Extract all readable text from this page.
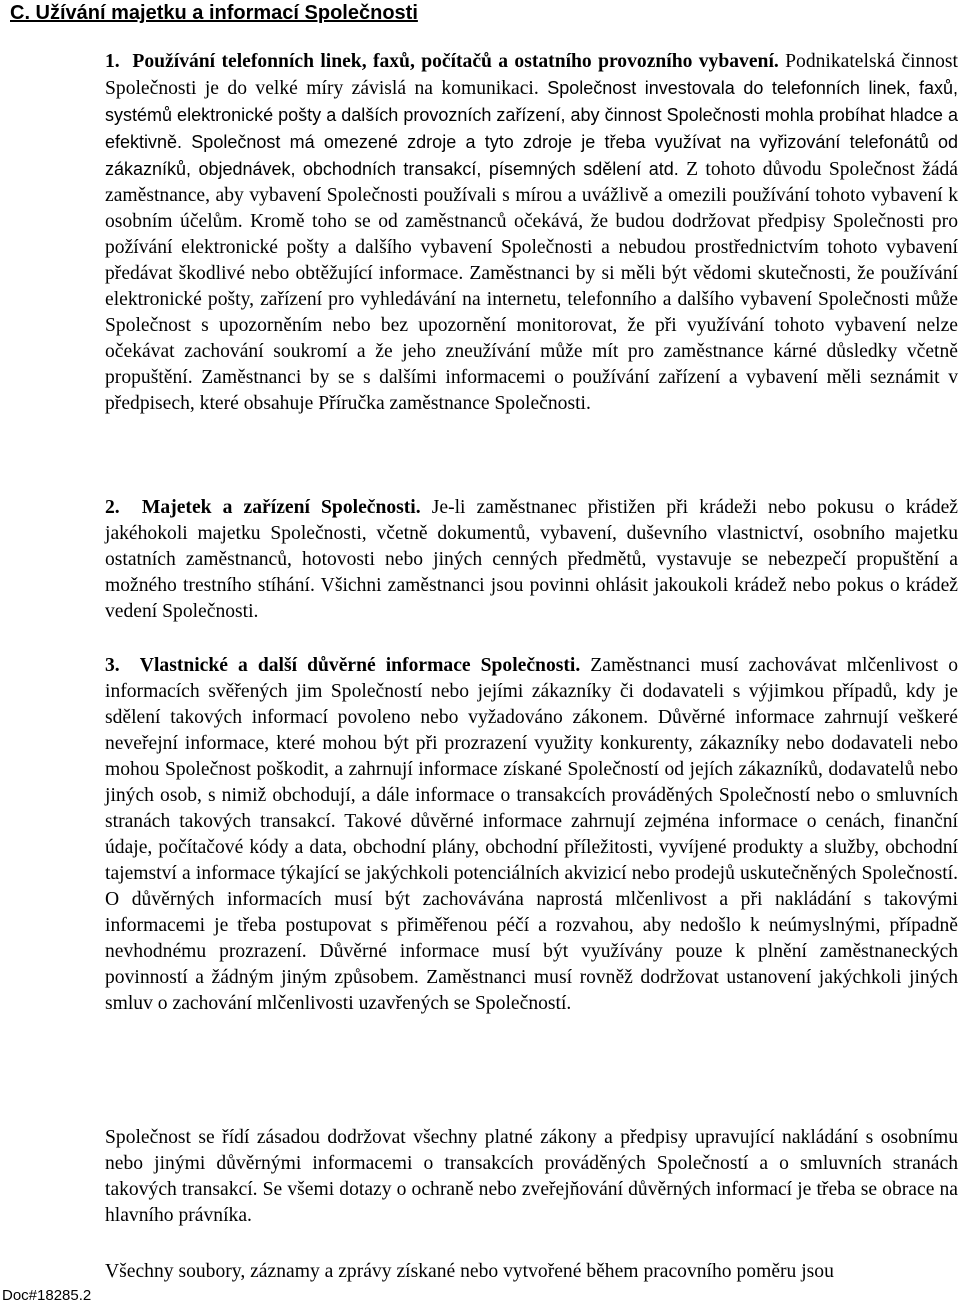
C. Užívání majetku a informací Společnosti

1. Používání telefonních linek, faxů, počítačů a ostatního provozního vybavení. Podnikatelská činnost Společnosti je do velké míry závislá na komunikaci. Společnost investovala do telefonních linek, faxů, systémů elektronické pošty a dalších provozních zařízení, aby činnost Společnosti mohla probíhat hladce a efektivně. Společnost má omezené zdroje a tyto zdroje je třeba využívat na vyřizování telefonátů od zákazníků, objednávek, obchodních transakcí, písemných sdělení atd. Z tohoto důvodu Společnost žádá zaměstnance, aby vybavení Společnosti používali s mírou a uvážlivě a omezili používání tohoto vybavení k osobním účelům. Kromě toho se od zaměstnanců očekává, že budou dodržovat předpisy Společnosti pro požívání elektronické pošty a dalšího vybavení Společnosti a nebudou prostřednictvím tohoto vybavení předávat škodlivé nebo obtěžující informace. Zaměstnanci by si měli být vědomi skutečnosti, že používání elektronické pošty, zařízení pro vyhledávání na internetu, telefonního a dalšího vybavení Společnosti může Společnost s upozorněním nebo bez upozornění monitorovat, že při využívání tohoto vybavení nelze očekávat zachování soukromí a že jeho zneužívání může mít pro zaměstnance kárné důsledky včetně propuštění. Zaměstnanci by se s dalšími informacemi o používání zařízení a vybavení měli seznámit v předpisech, které obsahuje Příručka zaměstnance Společnosti.

2. Majetek a zařízení Společnosti. Je-li zaměstnanec přistižen při krádeži nebo pokusu o krádež jakéhokoli majetku Společnosti, včetně dokumentů, vybavení, duševního vlastnictví, osobního majetku ostatních zaměstnanců, hotovosti nebo jiných cenných předmětů, vystavuje se nebezpečí propuštění a možného trestního stíhání. Všichni zaměstnanci jsou povinni ohlásit jakoukoli krádež nebo pokus o krádež vedení Společnosti.

3. Vlastnické a další důvěrné informace Společnosti. Zaměstnanci musí zachovávat mlčenlivost o informacích svěřených jim Společností nebo jejími zákazníky či dodavateli s výjimkou případů, kdy je sdělení takových informací povoleno nebo vyžadováno zákonem. Důvěrné informace zahrnují veškeré neveřejní informace, které mohou být při prozrazení využity konkurenty, zákazníky nebo dodavateli nebo mohou Společnost poškodit, a zahrnují informace získané Společností od jejích zákazníků, dodavatelů nebo jiných osob, s nimiž obchodují, a dále informace o transakcích prováděných Společností nebo o smluvních stranách takových transakcí. Takové důvěrné informace zahrnují zejména informace o cenách, finanční údaje, počítačové kódy a data, obchodní plány, obchodní příležitosti, vyvíjené produkty a služby, obchodní tajemství a informace týkající se jakýchkoli potenciálních akvizicí nebo prodejů uskutečněných Společností. O důvěrných informacích musí být zachovávána naprostá mlčenlivost a při nakládání s takovými informacemi je třeba postupovat s přiměřenou péčí a rozvahou, aby nedošlo k neúmyslnými, případně nevhodnému prozrazení. Důvěrné informace musí být využívány pouze k plnění zaměstnaneckých povinností a žádným jiným způsobem. Zaměstnanci musí rovněž dodržovat ustanovení jakýchkoli jiných smluv o zachování mlčenlivosti uzavřených se Společností.

Společnost se řídí zásadou dodržovat všechny platné zákony a předpisy upravující nakládání s osobnímu nebo jinými důvěrnými informacemi o transakcích prováděných Společností a o smluvních stranách takových transakcí. Se všemi dotazy o ochraně nebo zveřejňování důvěrných informací je třeba se obrace na hlavního právníka.

Všechny soubory, záznamy a zprávy získané nebo vytvořené během pracovního poměru jsou

Doc#18285.2
